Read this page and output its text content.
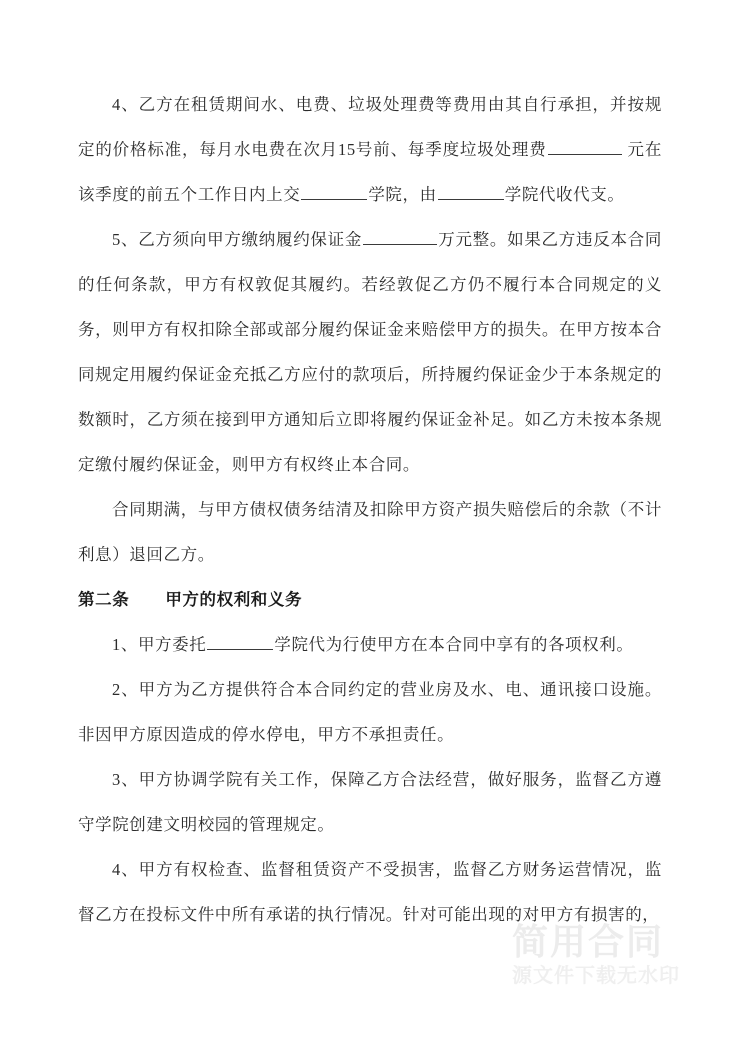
4、乙方在租赁期间水、电费、垃圾处理费等费用由其自行承担，并按规定的价格标准，每月水电费在次月15号前、每季度垃圾处理费	元在该季度的前五个工作日内上交	学院，由	学院代收代支。

5、乙方须向甲方缴纳履约保证金	万元整。如果乙方违反本合同的任何条款，甲方有权敦促其履约。若经敦促乙方仍不履行本合同规定的义务，则甲方有权扣除全部或部分履约保证金来赔偿甲方的损失。在甲方按本合同规定用履约保证金充抵乙方应付的款项后，所持履约保证金少于本条规定的数额时，乙方须在接到甲方通知后立即将履约保证金补足。如乙方未按本条规定缴付履约保证金，则甲方有权终止本合同。

合同期满，与甲方债权债务结清及扣除甲方资产损失赔偿后的余款（不计利息）退回乙方。

第二条 甲方的权利和义务

1、甲方委托	学院代为行使甲方在本合同中享有的各项权利。

2、甲方为乙方提供符合本合同约定的营业房及水、电、通讯接口设施。非因甲方原因造成的停水停电，甲方不承担责任。

3、甲方协调学院有关工作，保障乙方合法经营，做好服务，监督乙方遵守学院创建文明校园的管理规定。

4、甲方有权检查、监督租赁资产不受损害，监督乙方财务运营情况，监督乙方在投标文件中所有承诺的执行情况。针对可能出现的对甲方有损害的，

简用合同
源文件下载无水印
